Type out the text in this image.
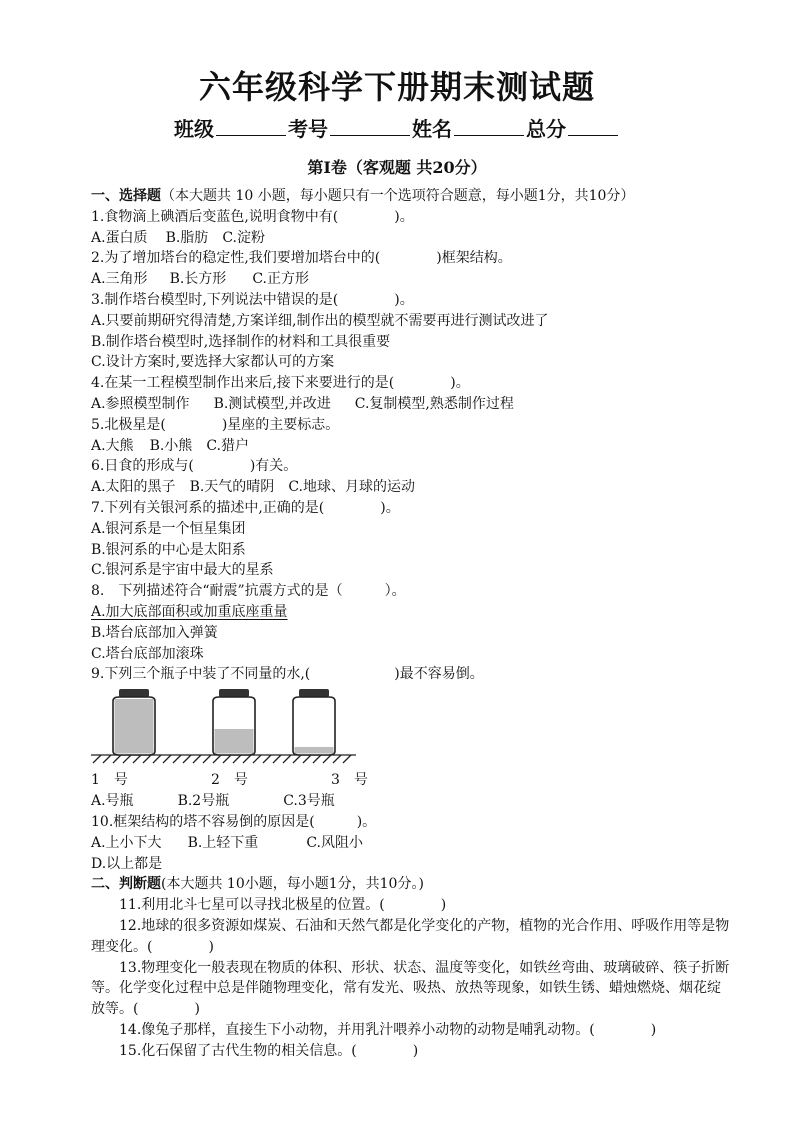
六年级科学下册期末测试题
班级	考号	姓名	总分
第Ⅰ卷（客观题 共20分）
一、选择题（本大题共 10 小题，每小题只有一个选项符合题意，每小题1分，共10分）
1.食物滴上碘酒后变蓝色,说明食物中有(　　　　)。
A.蛋白质 B.脂肪 C.淀粉
2.为了增加塔台的稳定性,我们要增加塔台中的(　　　　)框架结构。
A.三角形 B.长方形 C.正方形
3.制作塔台模型时,下列说法中错误的是(　　　　)。
A.只要前期研究得清楚,方案详细,制作出的模型就不需要再进行测试改进了
B.制作塔台模型时,选择制作的材料和工具很重要
C.设计方案时,要选择大家都认可的方案
4.在某一工程模型制作出来后,接下来要进行的是(　　　　)。
A.参照模型制作 B.测试模型,并改进 C.复制模型,熟悉制作过程
5.北极星是(　　　　)星座的主要标志。
A.大熊 B.小熊 C.猎户
6.日食的形成与(　　　　)有关。
A.太阳的黑子 B.天气的晴阴 C.地球、月球的运动
7.下列有关银河系的描述中,正确的是(　　　　)。
A.银河系是一个恒星集团
B.银河系的中心是太阳系
C.银河系是宇宙中最大的星系
8.　下列描述符合“耐震”抗震方式的是（　　　）。
A.加大底部面积或加重底座重量
B.塔台底部加入弹簧
C.塔台底部加滚珠
9.下列三个瓶子中装了不同量的水,(　　　　　　)最不容易倒。
1　号	2　号	3　号
A.号瓶	B.2号瓶	C.3号瓶
10.框架结构的塔不容易倒的原因是(　　　)。
A.上小下大 B.上轻下重	C.风阻小
D.以上都是
二、判断题(本大题共 10小题，每小题1分，共10分。)
11.利用北斗七星可以寻找北极星的位置。(　　　　)
12.地球的很多资源如煤炭、石油和天然气都是化学变化的产物，植物的光合作用、呼吸作用等是物理变化。(　　　　)
13.物理变化一般表现在物质的体积、形状、状态、温度等变化，如铁丝弯曲、玻璃破碎、筷子折断等。化学变化过程中总是伴随物理变化，常有发光、吸热、放热等现象，如铁生锈、蜡烛燃烧、烟花绽放等。(　　　　)
14.像兔子那样，直接生下小动物，并用乳汁喂养小动物的动物是哺乳动物。(　　　　)
15.化石保留了古代生物的相关信息。(　　　　)
